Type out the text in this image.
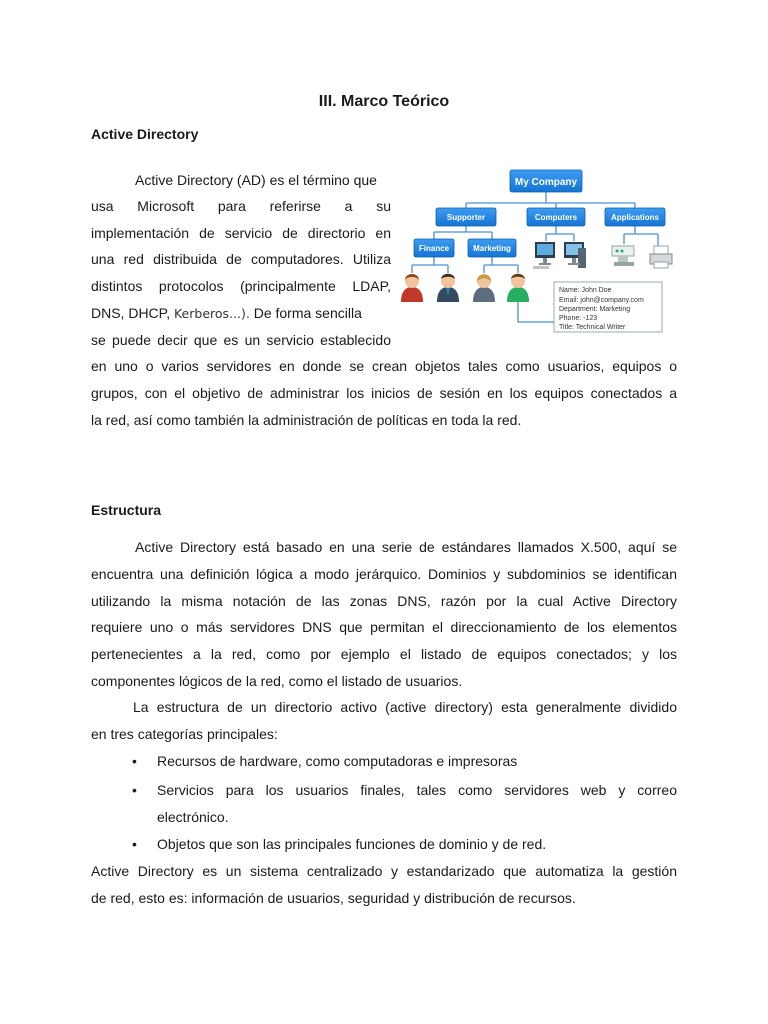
III. Marco Teórico
Active Directory
Active Directory (AD) es el término que
usa Microsoft para referirse a su
implementación de servicio de directorio en
una red distribuida de computadores. Utiliza
distintos protocolos (principalmente LDAP,
DNS, DHCP, Kerberos...). De forma sencilla
se puede decir que es un servicio establecido
en uno o varios servidores en donde se crean objetos tales como usuarios, equipos o
grupos, con el objetivo de administrar los inicios de sesión en los equipos conectados a
la red, así como también la administración de políticas en toda la red.
My Company
Supporter	Computers	Applications
Finance	Marketing
Name: John Doe
Email: john@company.com
Department: Marketing
Phone: -123
Title: Technical Writer
Estructura
Active Directory está basado en una serie de estándares llamados X.500, aquí se
encuentra una definición lógica a modo jerárquico. Dominios y subdominios se identifican
utilizando la misma notación de las zonas DNS, razón por la cual Active Directory
requiere uno o más servidores DNS que permitan el direccionamiento de los elementos
pertenecientes a la red, como por ejemplo el listado de equipos conectados; y los
componentes lógicos de la red, como el listado de usuarios.
La estructura de un directorio activo (active directory) esta generalmente dividido
en tres categorías principales:
• Recursos de hardware, como computadoras e impresoras
• Servicios para los usuarios finales, tales como servidores web y correo
electrónico.
• Objetos que son las principales funciones de dominio y de red.
Active Directory es un sistema centralizado y estandarizado que automatiza la gestión
de red, esto es: información de usuarios, seguridad y distribución de recursos.
